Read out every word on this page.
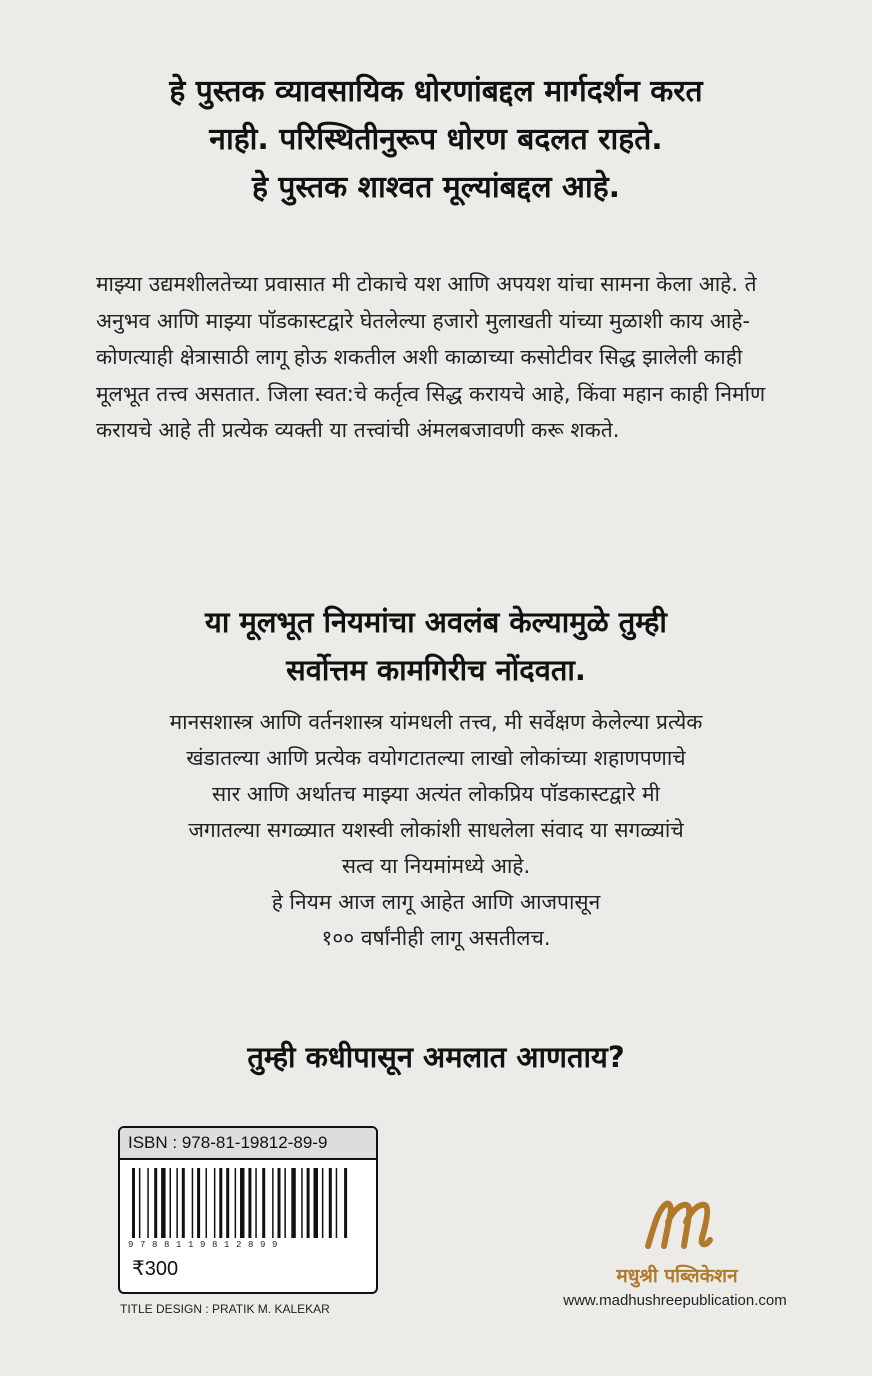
हे पुस्तक व्यावसायिक धोरणांबद्दल मार्गदर्शन करत
नाही. परिस्थितीनुरूप धोरण बदलत राहते.
हे पुस्तक शाश्वत मूल्यांबद्दल आहे.
माझ्या उद्यमशीलतेच्या प्रवासात मी टोकाचे यश आणि अपयश यांचा सामना केला आहे. ते अनुभव आणि माझ्या पॉडकास्टद्वारे घेतलेल्या हजारो मुलाखती यांच्या मुळाशी काय आहे- कोणत्याही क्षेत्रासाठी लागू होऊ शकतील अशी काळाच्या कसोटीवर सिद्ध झालेली काही मूलभूत तत्त्व असतात. जिला स्वत:चे कर्तृत्व सिद्ध करायचे आहे, किंवा महान काही निर्माण करायचे आहे ती प्रत्येक व्यक्ती या तत्त्वांची अंमलबजावणी करू शकते.
या मूलभूत नियमांचा अवलंब केल्यामुळे तुम्ही
सर्वोत्तम कामगिरीच नोंदवता.
मानसशास्त्र आणि वर्तनशास्त्र यांमधली तत्त्व, मी सर्वेक्षण केलेल्या प्रत्येक
खंडातल्या आणि प्रत्येक वयोगटातल्या लाखो लोकांच्या शहाणपणाचे
सार आणि अर्थातच माझ्या अत्यंत लोकप्रिय पॉडकास्टद्वारे मी
जगातल्या सगळ्यात यशस्वी लोकांशी साधलेला संवाद या सगळ्यांचे
सत्व या नियमांमध्ये आहे.
हे नियम आज लागू आहेत आणि आजपासून
१०० वर्षांनीही लागू असतीलच.
तुम्ही कधीपासून अमलात आणताय?
ISBN : 978-81-19812-89-9
9788119812899
₹300
TITLE DESIGN : PRATIK M. KALEKAR
मधुश्री पब्लिकेशन
www.madhushreepublication.com
